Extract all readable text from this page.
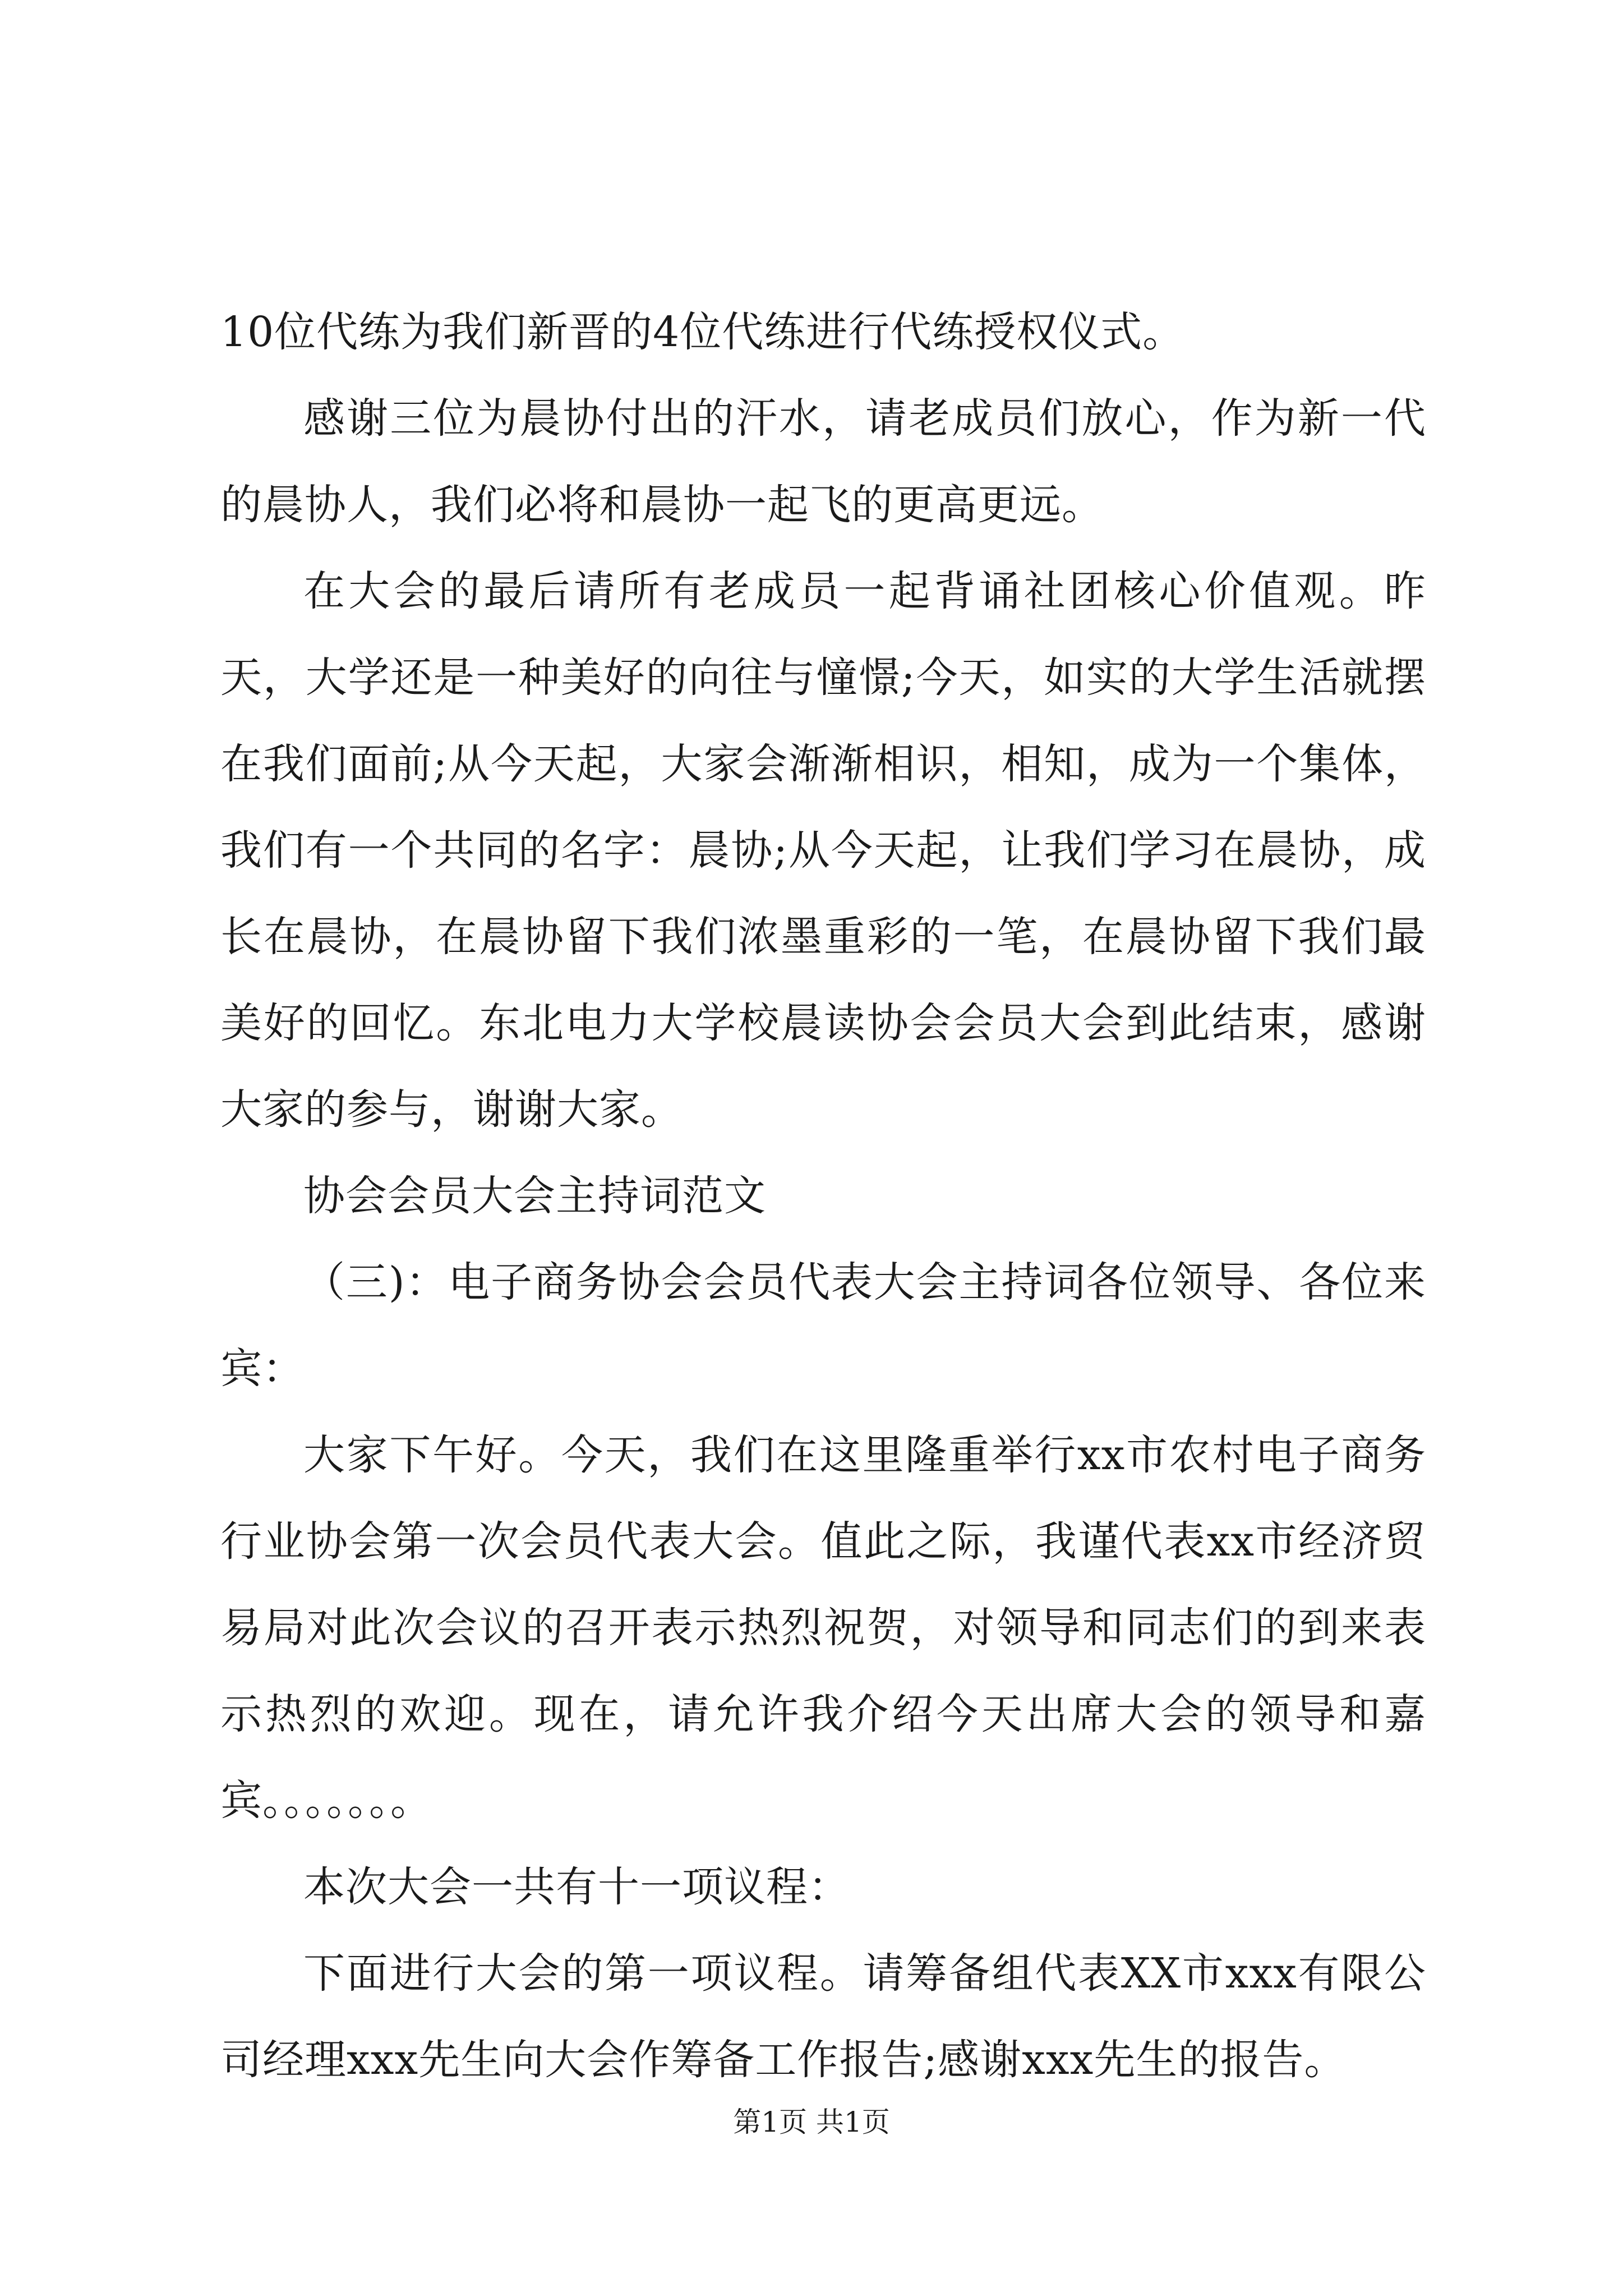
10位代练为我们新晋的4位代练进行代练授权仪式。

感谢三位为晨协付出的汗水，请老成员们放心，作为新一代的晨协人，我们必将和晨协一起飞的更高更远。

在大会的最后请所有老成员一起背诵社团核心价值观。昨天，大学还是一种美好的向往与憧憬;今天，如实的大学生活就摆在我们面前;从今天起，大家会渐渐相识，相知，成为一个集体，我们有一个共同的名字：晨协;从今天起，让我们学习在晨协，成长在晨协，在晨协留下我们浓墨重彩的一笔，在晨协留下我们最美好的回忆。东北电力大学校晨读协会会员大会到此结束，感谢大家的参与，谢谢大家。

协会会员大会主持词范文

（三)：电子商务协会会员代表大会主持词各位领导、各位来宾：

大家下午好。今天，我们在这里隆重举行xx市农村电子商务行业协会第一次会员代表大会。值此之际，我谨代表xx市经济贸易局对此次会议的召开表示热烈祝贺，对领导和同志们的到来表示热烈的欢迎。现在，请允许我介绍今天出席大会的领导和嘉宾。。。。。。。

本次大会一共有十一项议程：

下面进行大会的第一项议程。请筹备组代表XX市xxx有限公司经理xxx先生向大会作筹备工作报告;感谢xxx先生的报告。

第1页 共1页
